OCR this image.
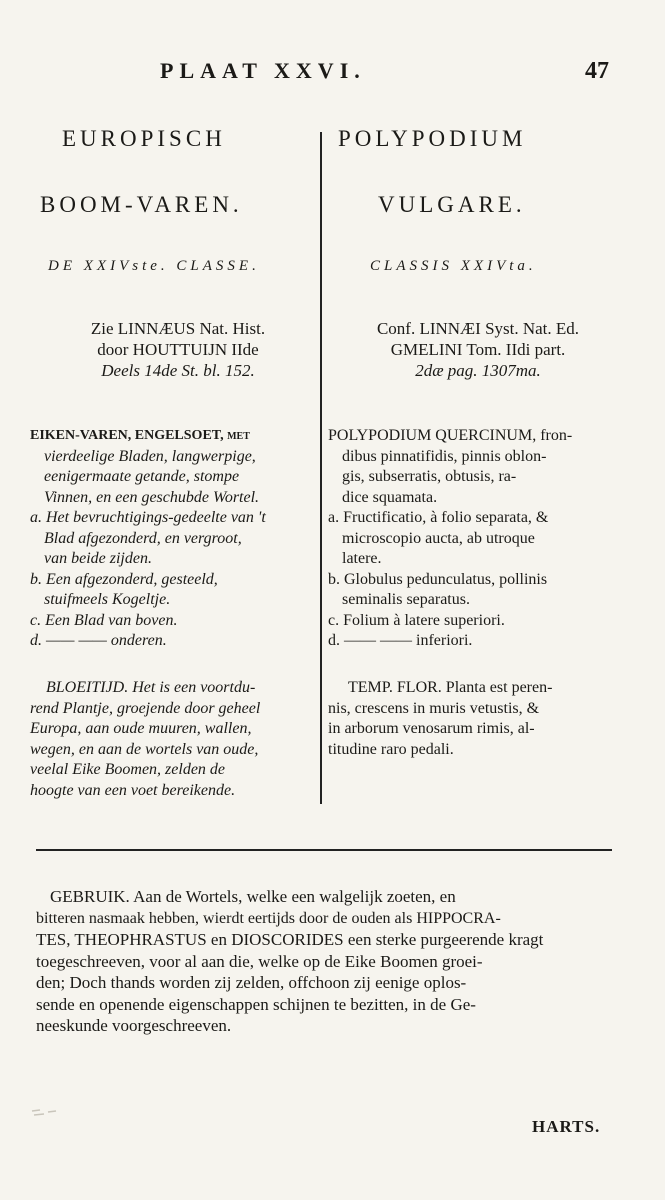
PLAAT XXVI.	47
EUROPISCH
BOOM-VAREN.
DE XXIVste. CLASSE.
Zie LINNÆUS Nat. Hist.
door HOUTTUIJN IIde
Deels 14de St. bl. 152.
EIKEN-VAREN, ENGELSOET, met
vierdeelige Bladen, langwerpige,
eenigermaate getande, stompe
Vinnen, en een geschubde Wortel.
a. Het bevruchtigings-gedeelte van 't
Blad afgezonderd, en vergroot,
van beide zijden.
b. Een afgezonderd, gesteeld,
stuifmeels Kogeltje.
c. Een Blad van boven.
d. —— —— onderen.
BLOEITIJD. Het is een voortdu-
rend Plantje, groejende door geheel
Europa, aan oude muuren, wallen,
wegen, en aan de wortels van oude,
veelal Eike Boomen, zelden de
hoogte van een voet bereikende.
POLYPODIUM
VULGARE.
CLASSIS XXIVta.
Conf. LINNÆI Syst. Nat. Ed.
GMELINI Tom. IIdi part.
2dæ pag. 1307ma.
POLYPODIUM QUERCINUM, fron-
dibus pinnatifidis, pinnis oblon-
gis, subserratis, obtusis, ra-
dice squamata.
a. Fructificatio, à folio separata, &
microscopio aucta, ab utroque
latere.
b. Globulus pedunculatus, pollinis
seminalis separatus.
c. Folium à latere superiori.
d. —— —— inferiori.
TEMP. FLOR. Planta est peren-
nis, crescens in muris vetustis, &
in arborum venosarum rimis, al-
titudine raro pedali.
GEBRUIK. Aan de Wortels, welke een walgelijk zoeten, en
bitteren nasmaak hebben, wierdt eertijds door de ouden als HIPPOCRA-
TES, THEOPHRASTUS en DIOSCORIDES een sterke purgeerende kragt
toegeschreeven, voor al aan die, welke op de Eike Boomen groei-
den; Doch thands worden zij zelden, offchoon zij eenige oplos-
sende en openende eigenschappen schijnen te bezitten, in de Ge-
neeskunde voorgeschreeven.
HARTS.
